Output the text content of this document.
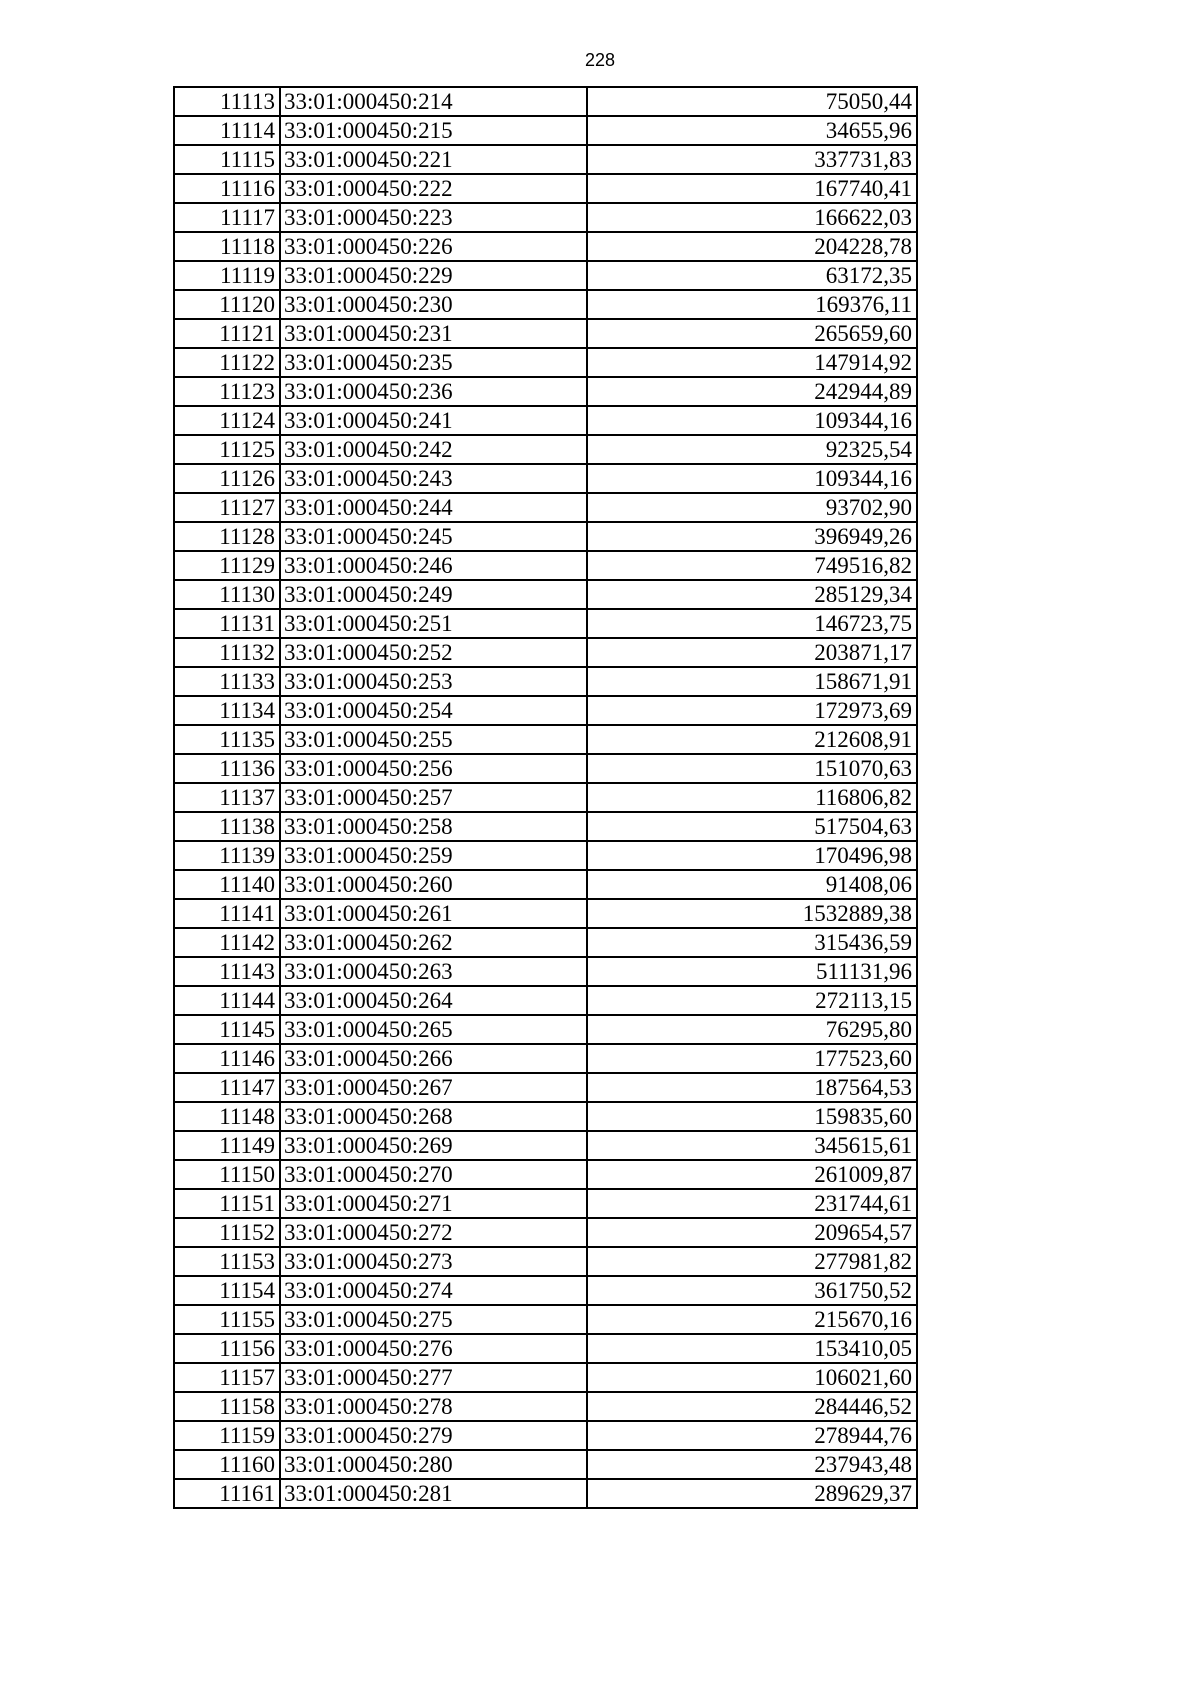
228
11113	33:01:000450:214	75050,44
11114	33:01:000450:215	34655,96
11115	33:01:000450:221	337731,83
11116	33:01:000450:222	167740,41
11117	33:01:000450:223	166622,03
11118	33:01:000450:226	204228,78
11119	33:01:000450:229	63172,35
11120	33:01:000450:230	169376,11
11121	33:01:000450:231	265659,60
11122	33:01:000450:235	147914,92
11123	33:01:000450:236	242944,89
11124	33:01:000450:241	109344,16
11125	33:01:000450:242	92325,54
11126	33:01:000450:243	109344,16
11127	33:01:000450:244	93702,90
11128	33:01:000450:245	396949,26
11129	33:01:000450:246	749516,82
11130	33:01:000450:249	285129,34
11131	33:01:000450:251	146723,75
11132	33:01:000450:252	203871,17
11133	33:01:000450:253	158671,91
11134	33:01:000450:254	172973,69
11135	33:01:000450:255	212608,91
11136	33:01:000450:256	151070,63
11137	33:01:000450:257	116806,82
11138	33:01:000450:258	517504,63
11139	33:01:000450:259	170496,98
11140	33:01:000450:260	91408,06
11141	33:01:000450:261	1532889,38
11142	33:01:000450:262	315436,59
11143	33:01:000450:263	511131,96
11144	33:01:000450:264	272113,15
11145	33:01:000450:265	76295,80
11146	33:01:000450:266	177523,60
11147	33:01:000450:267	187564,53
11148	33:01:000450:268	159835,60
11149	33:01:000450:269	345615,61
11150	33:01:000450:270	261009,87
11151	33:01:000450:271	231744,61
11152	33:01:000450:272	209654,57
11153	33:01:000450:273	277981,82
11154	33:01:000450:274	361750,52
11155	33:01:000450:275	215670,16
11156	33:01:000450:276	153410,05
11157	33:01:000450:277	106021,60
11158	33:01:000450:278	284446,52
11159	33:01:000450:279	278944,76
11160	33:01:000450:280	237943,48
11161	33:01:000450:281	289629,37
